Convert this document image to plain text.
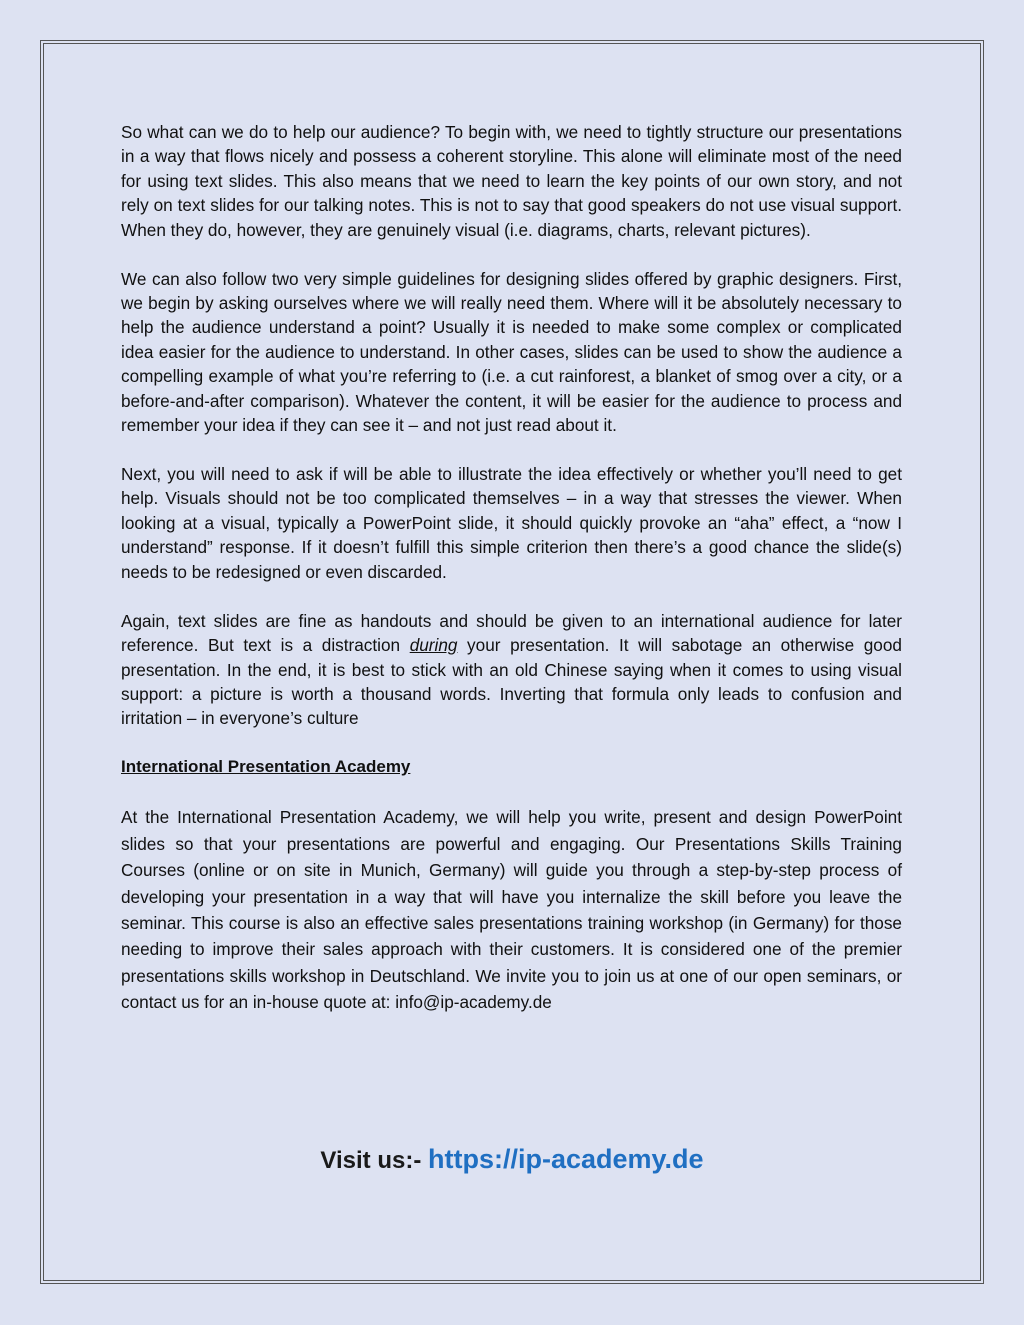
So what can we do to help our audience? To begin with, we need to tightly structure our presentations in a way that flows nicely and possess a coherent storyline. This alone will eliminate most of the need for using text slides. This also means that we need to learn the key points of our own story, and not rely on text slides for our talking notes. This is not to say that good speakers do not use visual support. When they do, however, they are genuinely visual (i.e. diagrams, charts, relevant pictures).

We can also follow two very simple guidelines for designing slides offered by graphic designers. First, we begin by asking ourselves where we will really need them. Where will it be absolutely necessary to help the audience understand a point? Usually it is needed to make some complex or complicated idea easier for the audience to understand. In other cases, slides can be used to show the audience a compelling example of what you’re referring to (i.e. a cut rainforest, a blanket of smog over a city, or a before-and-after comparison). Whatever the content, it will be easier for the audience to process and remember your idea if they can see it – and not just read about it.

Next, you will need to ask if will be able to illustrate the idea effectively or whether you’ll need to get help. Visuals should not be too complicated themselves – in a way that stresses the viewer. When looking at a visual, typically a PowerPoint slide, it should quickly provoke an “aha” effect, a “now I understand” response. If it doesn’t fulfill this simple criterion then there’s a good chance the slide(s) needs to be redesigned or even discarded.

Again, text slides are fine as handouts and should be given to an international audience for later reference. But text is a distraction during your presentation. It will sabotage an otherwise good presentation. In the end, it is best to stick with an old Chinese saying when it comes to using visual support: a picture is worth a thousand words. Inverting that formula only leads to confusion and irritation – in everyone’s culture

International Presentation Academy

At the International Presentation Academy, we will help you write, present and design PowerPoint slides so that your presentations are powerful and engaging. Our Presentations Skills Training Courses (online or on site in Munich, Germany) will guide you through a step-by-step process of developing your presentation in a way that will have you internalize the skill before you leave the seminar. This course is also an effective sales presentations training workshop (in Germany) for those needing to improve their sales approach with their customers. It is considered one of the premier presentations skills workshop in Deutschland. We invite you to join us at one of our open seminars, or contact us for an in-house quote at: info@ip-academy.de

Visit us:- https://ip-academy.de
